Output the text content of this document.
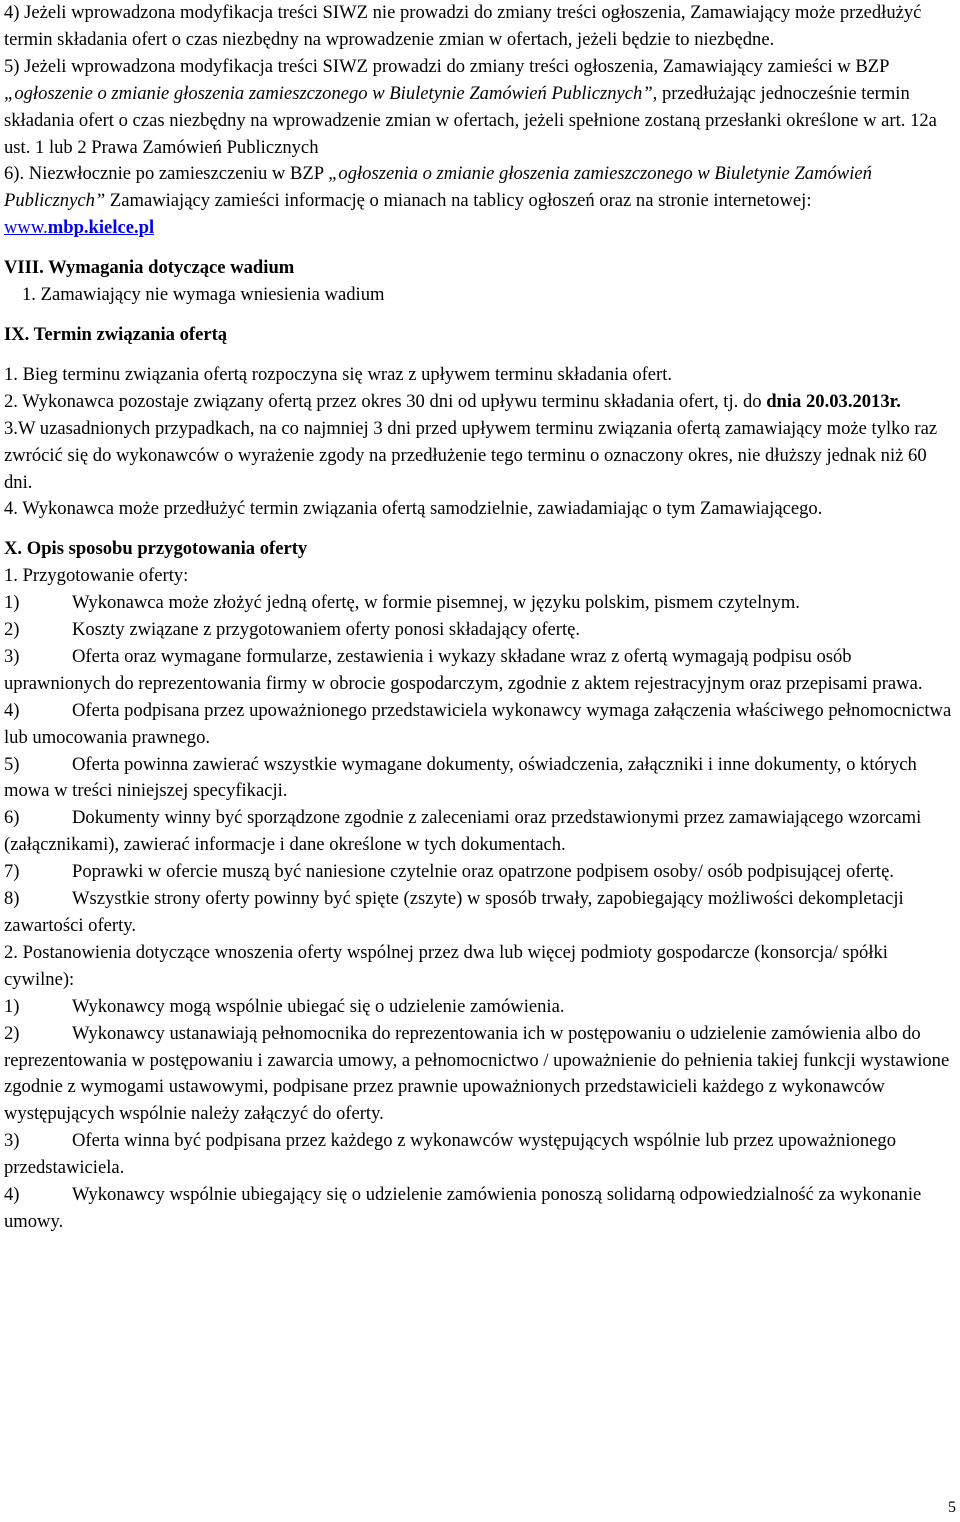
4) Jeżeli wprowadzona modyfikacja treści SIWZ nie prowadzi do zmiany treści ogłoszenia, Zamawiający może przedłużyć termin składania ofert o czas niezbędny na wprowadzenie zmian w ofertach, jeżeli będzie to niezbędne.

5) Jeżeli wprowadzona modyfikacja treści SIWZ prowadzi do zmiany treści ogłoszenia, Zamawiający zamieści w BZP „ogłoszenie o zmianie głoszenia zamieszczonego w Biuletynie Zamówień Publicznych”, przedłużając jednocześnie termin składania ofert o czas niezbędny na wprowadzenie zmian w ofertach, jeżeli spełnione zostaną przesłanki określone w art. 12a ust. 1 lub 2 Prawa Zamówień Publicznych

6). Niezwłocznie po zamieszczeniu w BZP „ogłoszenia o zmianie głoszenia zamieszczonego w Biuletynie Zamówień Publicznych” Zamawiający zamieści informację o mianach na tablicy ogłoszeń oraz na stronie internetowej: www.mbp.kielce.pl

VIII. Wymagania dotyczące wadium

1. Zamawiający nie wymaga wniesienia wadium

IX. Termin związania ofertą

1. Bieg terminu związania ofertą rozpoczyna się wraz z upływem terminu składania ofert.

2. Wykonawca pozostaje związany ofertą przez okres 30 dni od upływu terminu składania ofert, tj. do dnia 20.03.2013r.

3.W uzasadnionych przypadkach, na co najmniej 3 dni przed upływem terminu związania ofertą zamawiający może tylko raz zwrócić się do wykonawców o wyrażenie zgody na przedłużenie tego terminu o oznaczony okres, nie dłuższy jednak niż 60 dni.

4. Wykonawca może przedłużyć termin związania ofertą samodzielnie, zawiadamiając o tym Zamawiającego.

X. Opis sposobu przygotowania oferty

1. Przygotowanie oferty:

1)	Wykonawca może złożyć jedną ofertę, w formie pisemnej, w języku polskim, pismem czytelnym.

2)	Koszty związane z przygotowaniem oferty ponosi składający ofertę.

3)	Oferta oraz wymagane formularze, zestawienia i wykazy składane wraz z ofertą wymagają podpisu osób uprawnionych do reprezentowania firmy w obrocie gospodarczym, zgodnie z aktem rejestracyjnym oraz przepisami prawa.

4)	Oferta podpisana przez upoważnionego przedstawiciela wykonawcy wymaga załączenia właściwego pełnomocnictwa lub umocowania prawnego.

5)	Oferta powinna zawierać wszystkie wymagane dokumenty, oświadczenia, załączniki i inne dokumenty, o których mowa w treści niniejszej specyfikacji.

6)	Dokumenty winny być sporządzone zgodnie z zaleceniami oraz przedstawionymi przez zamawiającego wzorcami (załącznikami), zawierać informacje i dane określone w tych dokumentach.

7)	Poprawki w ofercie muszą być naniesione czytelnie oraz opatrzone podpisem osoby/ osób podpisującej ofertę.

8)	Wszystkie strony oferty powinny być spięte (zszyte) w sposób trwały, zapobiegający możliwości dekompletacji zawartości oferty.

2. Postanowienia dotyczące wnoszenia oferty wspólnej przez dwa lub więcej podmioty gospodarcze (konsorcja/ spółki cywilne):

1)	Wykonawcy mogą wspólnie ubiegać się o udzielenie zamówienia.

2)	Wykonawcy ustanawiają pełnomocnika do reprezentowania ich w postępowaniu o udzielenie zamówienia albo do reprezentowania w postępowaniu i zawarcia umowy, a pełnomocnictwo / upoważnienie do pełnienia takiej funkcji wystawione zgodnie z wymogami ustawowymi, podpisane przez prawnie upoważnionych przedstawicieli każdego z wykonawców występujących wspólnie należy załączyć do oferty.

3)	Oferta winna być podpisana przez każdego z wykonawców występujących wspólnie lub przez upoważnionego przedstawiciela.

4)	Wykonawcy wspólnie ubiegający się o udzielenie zamówienia ponoszą solidarną odpowiedzialność za wykonanie umowy.

5
